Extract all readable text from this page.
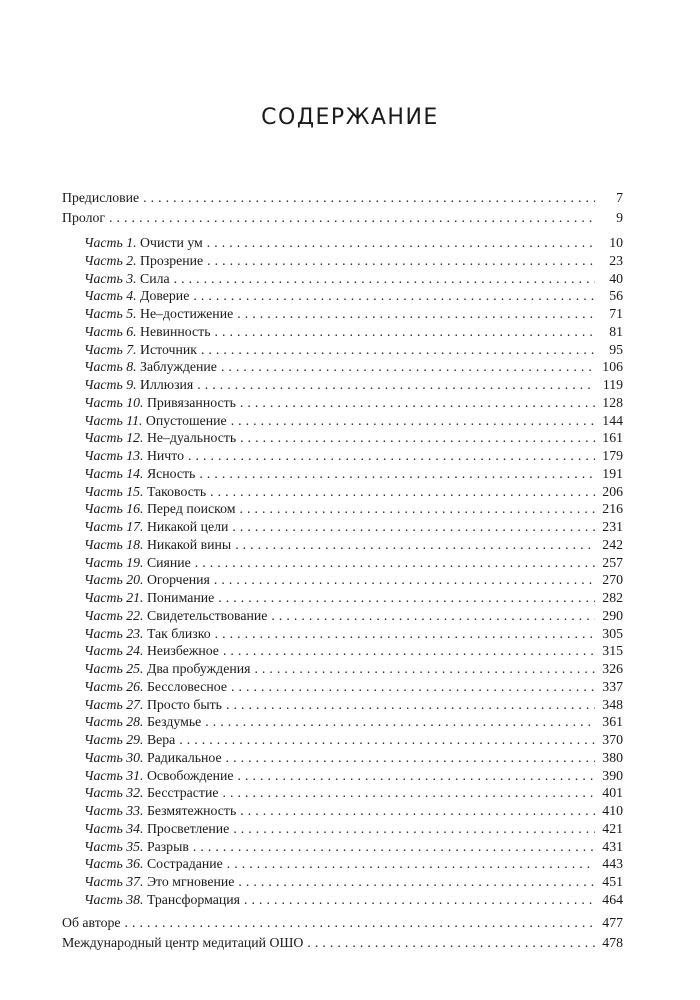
СОДЕРЖАНИЕ
Предисловие . . .	7
Пролог . . .	9
Часть 1. Очисти ум . . .	10
Часть 2. Прозрение . . .	23
Часть 3. Сила . . .	40
Часть 4. Доверие . . .	56
Часть 5. Не–достижение . . .	71
Часть 6. Невинность . . .	81
Часть 7. Источник . . .	95
Часть 8. Заблуждение . . .	106
Часть 9. Иллюзия . . .	119
Часть 10. Привязанность . . .	128
Часть 11. Опустошение . . .	144
Часть 12. Не–дуальность . . .	161
Часть 13. Ничто . . .	179
Часть 14. Ясность . . .	191
Часть 15. Таковость . . .	206
Часть 16. Перед поиском . . .	216
Часть 17. Никакой цели . . .	231
Часть 18. Никакой вины . . .	242
Часть 19. Сияние . . .	257
Часть 20. Огорчения . . .	270
Часть 21. Понимание . . .	282
Часть 22. Свидетельствование . . .	290
Часть 23. Так близко . . .	305
Часть 24. Неизбежное . . .	315
Часть 25. Два пробуждения . . .	326
Часть 26. Бессловесное . . .	337
Часть 27. Просто быть . . .	348
Часть 28. Бездумье . . .	361
Часть 29. Вера . . .	370
Часть 30. Радикальное . . .	380
Часть 31. Освобождение . . .	390
Часть 32. Бесстрастие . . .	401
Часть 33. Безмятежность . . .	410
Часть 34. Просветление . . .	421
Часть 35. Разрыв . . .	431
Часть 36. Сострадание . . .	443
Часть 37. Это мгновение . . .	451
Часть 38. Трансформация . . .	464
Об авторе . . .	477
Международный центр медитаций ОШО . . .	478
